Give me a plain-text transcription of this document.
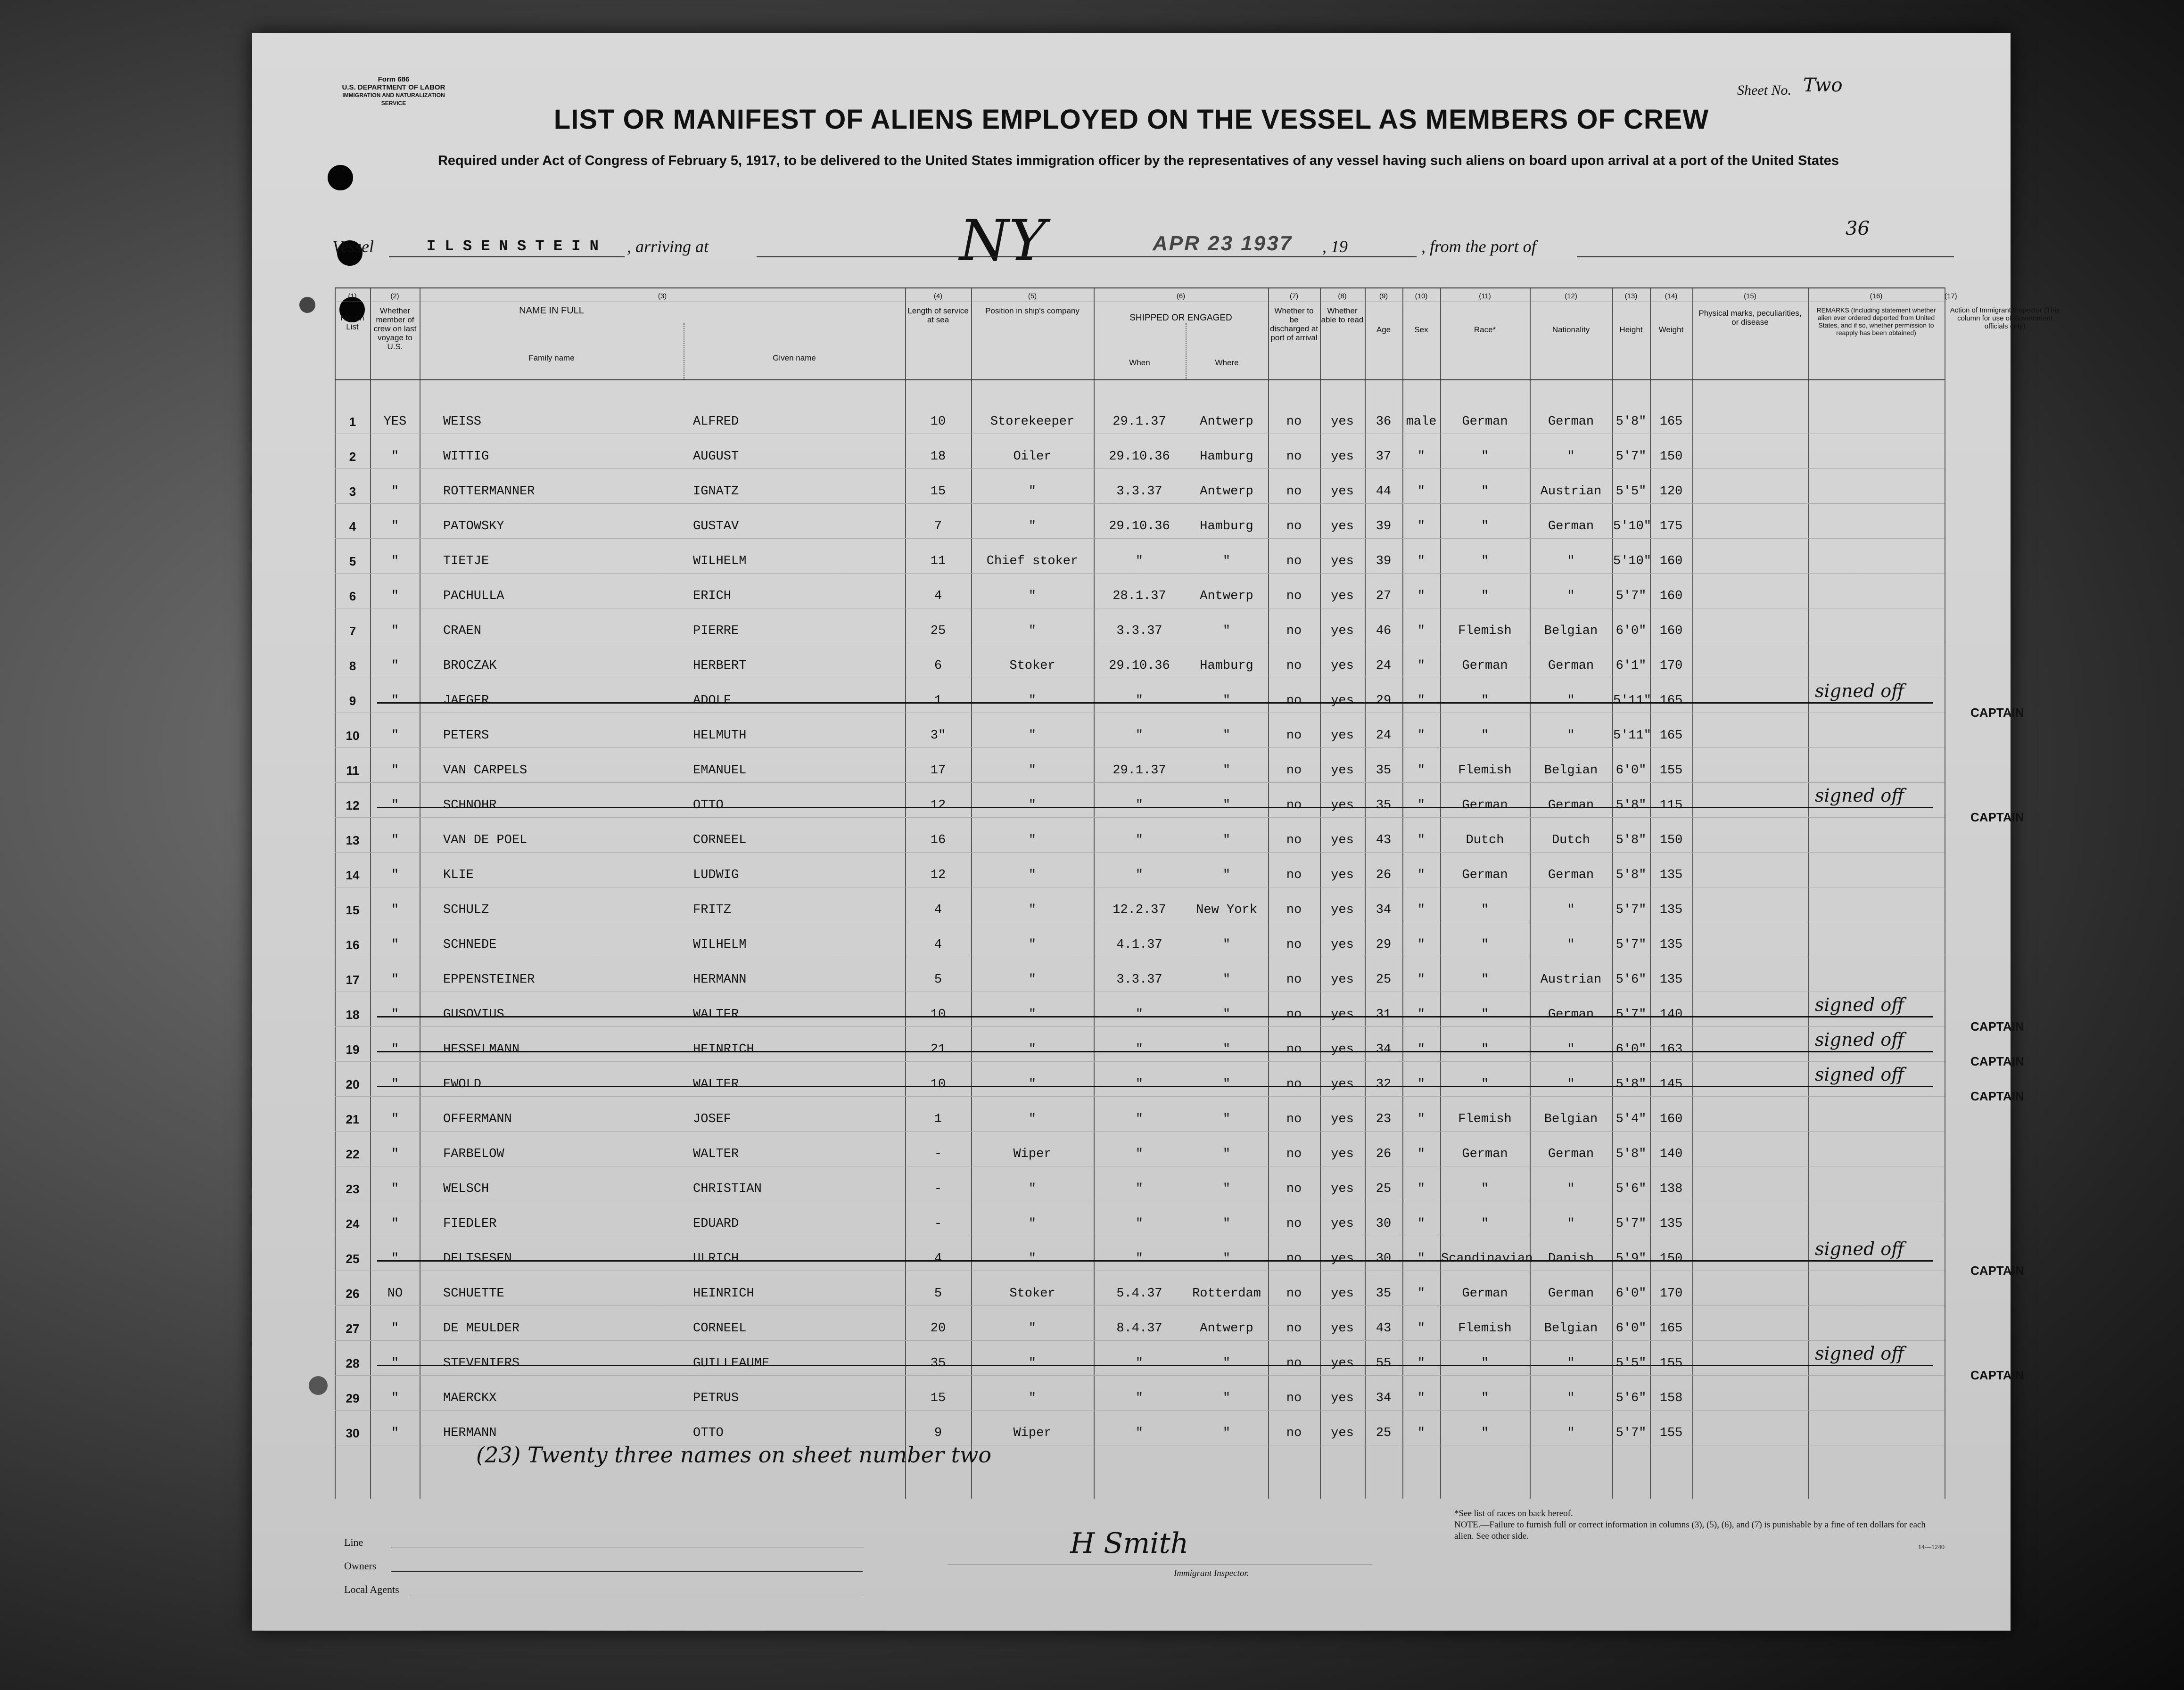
Form 686
U.S. DEPARTMENT OF LABOR
IMMIGRATION AND NATURALIZATION SERVICE
Sheet No. Two
LIST OR MANIFEST OF ALIENS EMPLOYED ON THE VESSEL AS MEMBERS OF CREW
Required under Act of Congress of February 5, 1917, to be delivered to the United States immigration officer by the representatives of any vessel having such aliens on board upon arrival at a port of the United States
Vessel	I L S E N S T E I N , arriving at	NY	APR 23 1937 , 19	, from the port of
36
(1)	(2)	(3)	(4)	(5)	(6)	(7)	(8)	(9)	(10)	(11)	(12)	(13)	(14)	(15)	(16)	(17)
No. on List
Whether member of crew on last voyage to U.S.
NAME IN FULL
Family name	Given name
Length of service at sea
Position in ship's company
SHIPPED OR ENGAGED
When	Where
Whether to be discharged at port of arrival
Whether able to read
Age	Sex	Race*	Nationality	Height	Weight
Physical marks, peculiarities, or disease
REMARKS (Including statement whether alien ever ordered deported from United States, and if so, whether permission to reapply has been obtained)
Action of Immigrant Inspector (This column for use of Government officials only)
1	YES	WEISS	ALFRED	10	Storekeeper	29.1.37	Antwerp	no	yes	36	male	German	German	5'8"	165
2	"	WITTIG	AUGUST	18	Oiler	29.10.36	Hamburg	no	yes	37	"	"	"	5'7"	150
3	"	ROTTERMANNER	IGNATZ	15	"	3.3.37	Antwerp	no	yes	44	"	"	Austrian	5'5"	120
4	"	PATOWSKY	GUSTAV	7	"	29.10.36	Hamburg	no	yes	39	"	"	German	5'10" 175
5	"	TIETJE	WILHELM	11	Chief stoker	"	"	no	yes	39	"	"	"	5'10" 160
6	"	PACHULLA	ERICH	4	"	28.1.37	Antwerp	no	yes	27	"	"	"	5'7"	160
7	"	CRAEN	PIERRE	25	"	3.3.37	"	no	yes	46	"	Flemish	Belgian	6'0"	160
8	"	BROCZAK	HERBERT	6	Stoker	29.10.36	Hamburg	no	yes	24	"	German	German	6'1"	170
9	"	JAEGER	ADOLF	1	"	"	"	no	yes	29	"	"	"	5'11" 165	signed off
CAPTAIN
10	"	PETERS	HELMUTH	3"	"	"	"	no	yes	24	"	"	"	5'11" 165
11	"	VAN CARPELS	EMANUEL	17	"	29.1.37	"	no	yes	35	"	Flemish	Belgian	6'0"	155
12	"	SCHNOHR	OTTO	12	"	"	"	no	yes	35	"	German	German	5'8"	115	signed off
CAPTAIN
13	"	VAN DE POEL	CORNEEL	16	"	"	"	no	yes	43	"	Dutch	Dutch	5'8"	150
14	"	KLIE	LUDWIG	12	"	"	"	no	yes	26	"	German	German	5'8"	135
15	"	SCHULZ	FRITZ	4	"	12.2.37	New York	no	yes	34	"	"	"	5'7"	135
16	"	SCHNEDE	WILHELM	4	"	4.1.37	"	no	yes	29	"	"	"	5'7"	135
17	"	EPPENSTEINER	HERMANN	5	"	3.3.37	"	no	yes	25	"	"	Austrian	5'6"	135
18	"	GUSOVIUS	WALTER	10	"	"	"	no	yes	31	"	"	German	5'7"	140	signed off
CAPTAIN
19	"	HESSELMANN	HEINRICH	21	"	"	"	no	yes	34	"	"	"	6'0"	163	signed off
CAPTAIN
20	"	EWOLD	WALTER	10	"	"	"	no	yes	32	"	"	"	5'8"	145	signed off
CAPTAIN
21	"	OFFERMANN	JOSEF	1	"	"	"	no	yes	23	"	Flemish	Belgian	5'4"	160
22	"	FARBELOW	WALTER	-	Wiper	"	"	no	yes	26	"	German	German	5'8"	140
23	"	WELSCH	CHRISTIAN	-	"	"	"	no	yes	25	"	"	"	5'6"	138
24	"	FIEDLER	EDUARD	-	"	"	"	no	yes	30	"	"	"	5'7"	135
25	"	DELTSFSEN	ULRICH	4	"	"	"	no	yes	30	"	Scandinavian	Danish	5'9"	150	signed off
CAPTAIN
26	NO	SCHUETTE	HEINRICH	5	Stoker	5.4.37	Rotterdam	no	yes	35	"	German	German	6'0"	170
27	"	DE MEULDER	CORNEEL	20	"	8.4.37	Antwerp	no	yes	43	"	Flemish	Belgian	6'0"	165
28	"	STEVENIERS	GUILLEAUME	35	"	"	"	no	yes	55	"	"	"	5'5"	155	signed off
CAPTAIN
29	"	MAERCKX	PETRUS	15	"	"	"	no	yes	34	"	"	"	5'6"	158
30	"	HERMANN	OTTO	9	Wiper	"	"	no	yes	25	"	"	"	5'7"	155
(23) Twenty three names on sheet number two
Line
Owners
Local Agents
H Smith
Immigrant Inspector.
*See list of races on back hereof.
NOTE.—Failure to furnish full or correct information in columns (3), (5), (6), and (7) is punishable by a fine of ten dollars for each alien. See other side.
14—1240
